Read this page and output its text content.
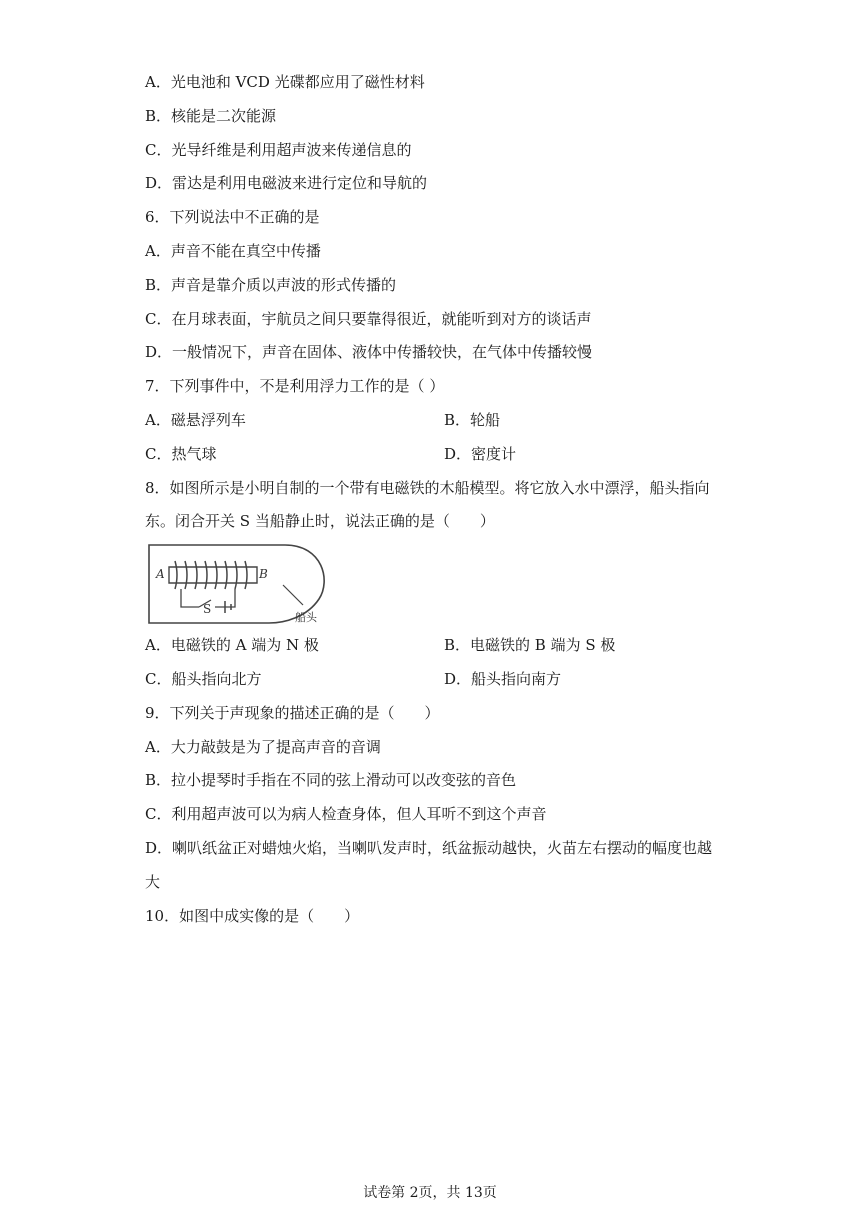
A．光电池和 VCD 光碟都应用了磁性材料
B．核能是二次能源
C．光导纤维是利用超声波来传递信息的
D．雷达是利用电磁波来进行定位和导航的
6．下列说法中不正确的是
A．声音不能在真空中传播
B．声音是靠介质以声波的形式传播的
C．在月球表面，宇航员之间只要靠得很近，就能听到对方的谈话声
D．一般情况下，声音在固体、液体中传播较快，在气体中传播较慢
7．下列事件中，不是利用浮力工作的是（ ）
A．磁悬浮列车	B．轮船
C．热气球	D．密度计
8．如图所示是小明自制的一个带有电磁铁的木船模型。将它放入水中漂浮，船头指向
东。闭合开关 S 当船静止时，说法正确的是（　　）
A	B
S
船头
A．电磁铁的 A 端为 N 极	B．电磁铁的 B 端为 S 极
C．船头指向北方	D．船头指向南方
9．下列关于声现象的描述正确的是（　　）
A．大力敲鼓是为了提高声音的音调
B．拉小提琴时手指在不同的弦上滑动可以改变弦的音色
C．利用超声波可以为病人检查身体，但人耳听不到这个声音
D．喇叭纸盆正对蜡烛火焰，当喇叭发声时，纸盆振动越快，火苗左右摆动的幅度也越
大
10．如图中成实像的是（　　）
试卷第 2页，共 13页
